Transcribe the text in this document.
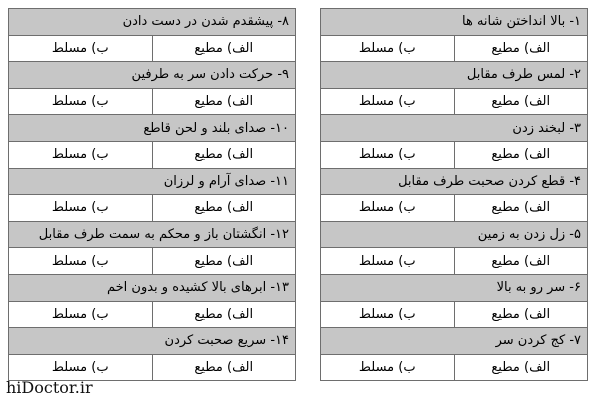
۱- بالا انداختن شانه ها	
الف) مطیع	ب) مسلط
۲- لمس طرف مقابل	
الف) مطیع	ب) مسلط
۳- لبخند زدن	
الف) مطیع	ب) مسلط
۴- قطع کردن صحبت طرف مقابل	
الف) مطیع	ب) مسلط
۵- زل زدن به زمین	
الف) مطیع	ب) مسلط
۶- سر رو به بالا	
الف) مطیع	ب) مسلط
۷- کج کردن سر	
الف) مطیع	ب) مسلط
۸- پیشقدم شدن در دست دادن	
الف) مطیع	ب) مسلط
۹- حرکت دادن سر به طرفین	
الف) مطیع	ب) مسلط
۱۰- صدای بلند و لحن قاطع	
الف) مطیع	ب) مسلط
۱۱- صدای آرام و لرزان	
الف) مطیع	ب) مسلط
۱۲- انگشتان باز و محکم به سمت طرف مقابل	
الف) مطیع	ب) مسلط
۱۳- ابرهای بالا کشیده و بدون اخم	
الف) مطیع	ب) مسلط
۱۴- سریع صحبت کردن	
الف) مطیع	ب) مسلط
hiDoctor.ir
